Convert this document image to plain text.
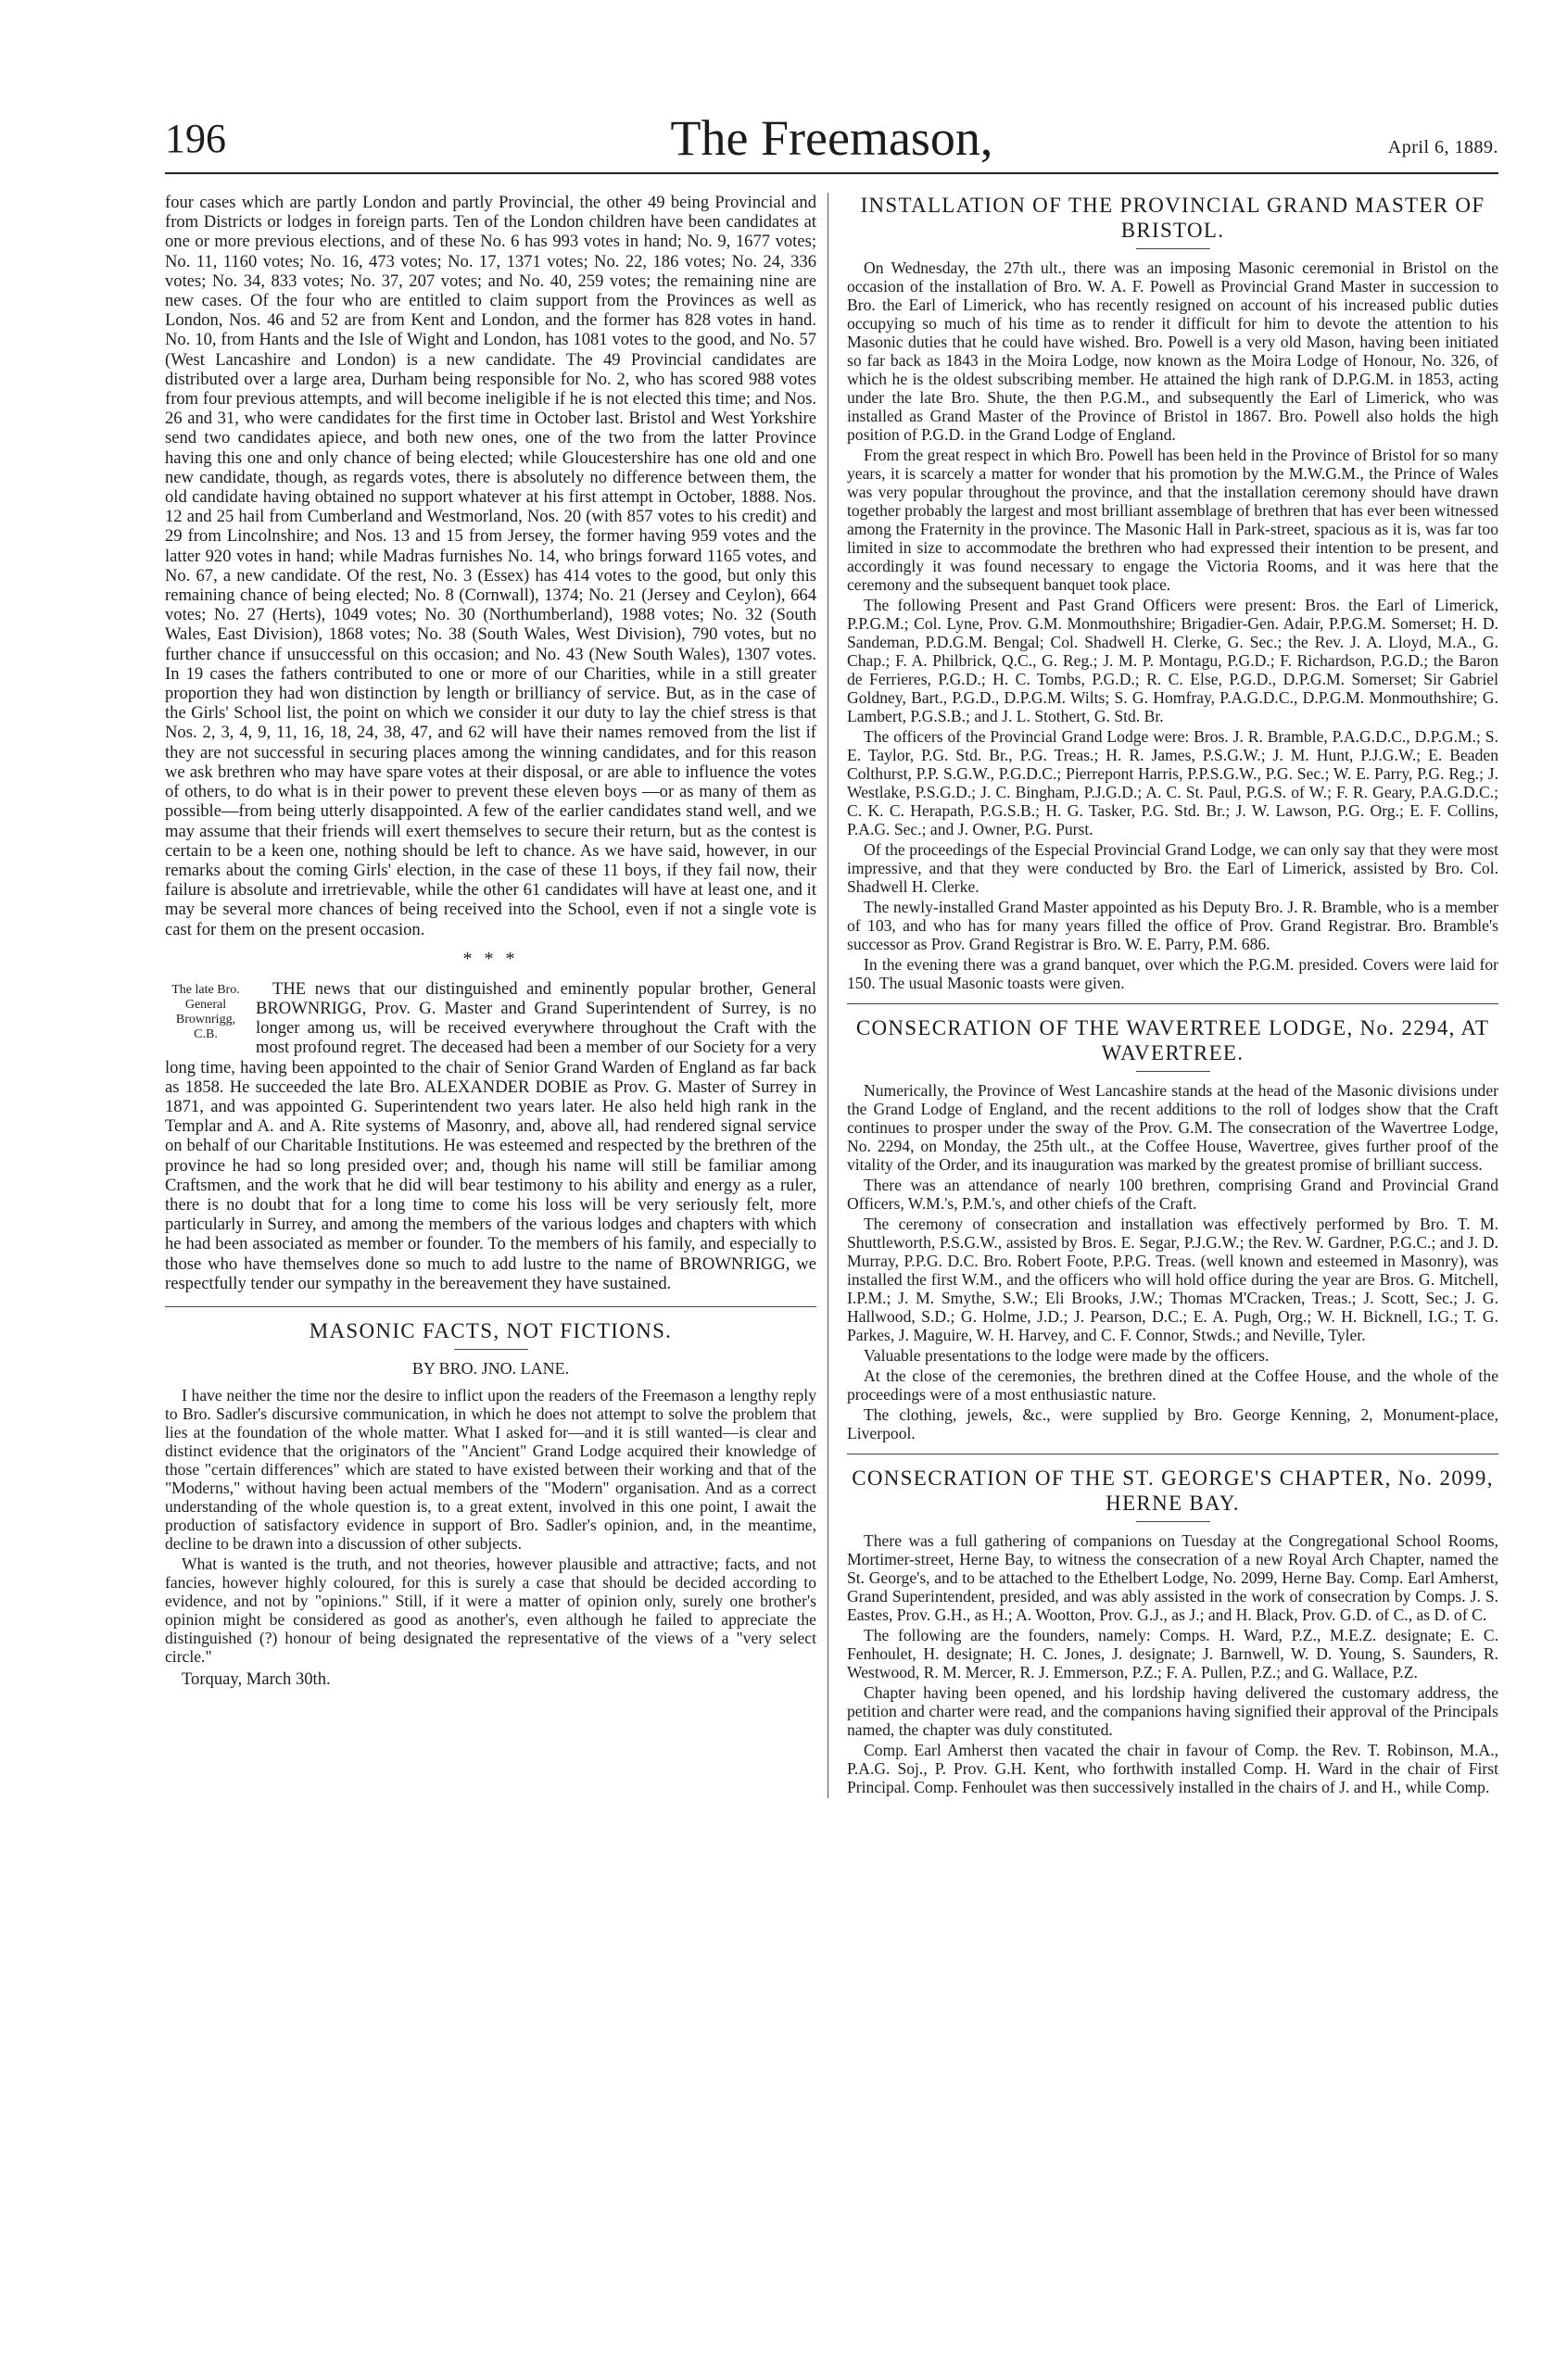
196	The Freemason,	April 6, 1889.

four cases which are partly London and partly Provincial, the other 49 being Provincial and from Districts or lodges in foreign parts. Ten of the London children have been candidates at one or more previous elections, and of these No. 6 has 993 votes in hand; No. 9, 1677 votes; No. 11, 1160 votes; No. 16, 473 votes; No. 17, 1371 votes; No. 22, 186 votes; No. 24, 336 votes; No. 34, 833 votes; No. 37, 207 votes; and No. 40, 259 votes; the remaining nine are new cases. Of the four who are entitled to claim support from the Provinces as well as London, Nos. 46 and 52 are from Kent and London, and the former has 828 votes in hand. No. 10, from Hants and the Isle of Wight and London, has 1081 votes to the good, and No. 57 (West Lancashire and London) is a new candidate. The 49 Provincial candidates are distributed over a large area, Durham being responsible for No. 2, who has scored 988 votes from four previous attempts, and will become ineligible if he is not elected this time; and Nos. 26 and 31, who were candidates for the first time in October last. Bristol and West Yorkshire send two candidates apiece, and both new ones, one of the two from the latter Province having this one and only chance of being elected; while Gloucestershire has one old and one new candidate, though, as regards votes, there is absolutely no difference between them, the old candidate having obtained no support whatever at his first attempt in October, 1888. Nos. 12 and 25 hail from Cumberland and Westmorland, Nos. 20 (with 857 votes to his credit) and 29 from Lincolnshire; and Nos. 13 and 15 from Jersey, the former having 959 votes and the latter 920 votes in hand; while Madras furnishes No. 14, who brings forward 1165 votes, and No. 67, a new candidate. Of the rest, No. 3 (Essex) has 414 votes to the good, but only this remaining chance of being elected; No. 8 (Cornwall), 1374; No. 21 (Jersey and Ceylon), 664 votes; No. 27 (Herts), 1049 votes; No. 30 (Northumberland), 1988 votes; No. 32 (South Wales, East Division), 1868 votes; No. 38 (South Wales, West Division), 790 votes, but no further chance if unsuccessful on this occasion; and No. 43 (New South Wales), 1307 votes. In 19 cases the fathers contributed to one or more of our Charities, while in a still greater proportion they had won distinction by length or brilliancy of service. But, as in the case of the Girls' School list, the point on which we consider it our duty to lay the chief stress is that Nos. 2, 3, 4, 9, 11, 16, 18, 24, 38, 47, and 62 will have their names removed from the list if they are not successful in securing places among the winning candidates, and for this reason we ask brethren who may have spare votes at their disposal, or are able to influence the votes of others, to do what is in their power to prevent these eleven boys —or as many of them as possible—from being utterly disappointed. A few of the earlier candidates stand well, and we may assume that their friends will exert themselves to secure their return, but as the contest is certain to be a keen one, nothing should be left to chance. As we have said, however, in our remarks about the coming Girls' election, in the case of these 11 boys, if they fail now, their failure is absolute and irretrievable, while the other 61 candidates will have at least one, and it may be several more chances of being received into the School, even if not a single vote is cast for them on the present occasion.

* * *
The late Bro. General Brownrigg, C.B.

THE news that our distinguished and eminently popular brother, General BROWNRIGG, Prov. G. Master and Grand Superintendent of Surrey, is no longer among us, will be received everywhere throughout the Craft with the most profound regret. The deceased had been a member of our Society for a very long time, having been appointed to the chair of Senior Grand Warden of England as far back as 1858. He succeeded the late Bro. ALEXANDER DOBIE as Prov. G. Master of Surrey in 1871, and was appointed G. Superintendent two years later. He also held high rank in the Templar and A. and A. Rite systems of Masonry, and, above all, had rendered signal service on behalf of our Charitable Institutions. He was esteemed and respected by the brethren of the province he had so long presided over; and, though his name will still be familiar among Craftsmen, and the work that he did will bear testimony to his ability and energy as a ruler, there is no doubt that for a long time to come his loss will be very seriously felt, more particularly in Surrey, and among the members of the various lodges and chapters with which he had been associated as member or founder. To the members of his family, and especially to those who have themselves done so much to add lustre to the name of BROWNRIGG, we respectfully tender our sympathy in the bereavement they have sustained.

MASONIC FACTS, NOT FICTIONS.
BY BRO. JNO. LANE.

I have neither the time nor the desire to inflict upon the readers of the Freemason a lengthy reply to Bro. Sadler's discursive communication, in which he does not attempt to solve the problem that lies at the foundation of the whole matter. What I asked for—and it is still wanted—is clear and distinct evidence that the originators of the "Ancient" Grand Lodge acquired their knowledge of those "certain differences" which are stated to have existed between their working and that of the "Moderns," without having been actual members of the "Modern" organisation. And as a correct understanding of the whole question is, to a great extent, involved in this one point, I await the production of satisfactory evidence in support of Bro. Sadler's opinion, and, in the meantime, decline to be drawn into a discussion of other subjects.

What is wanted is the truth, and not theories, however plausible and attractive; facts, and not fancies, however highly coloured, for this is surely a case that should be decided according to evidence, and not by "opinions." Still, if it were a matter of opinion only, surely one brother's opinion might be considered as good as another's, even although he failed to appreciate the distinguished (?) honour of being designated the representative of the views of a "very select circle."

Torquay, March 30th.
INSTALLATION OF THE PROVINCIAL GRAND MASTER OF BRISTOL.

On Wednesday, the 27th ult., there was an imposing Masonic ceremonial in Bristol on the occasion of the installation of Bro. W. A. F. Powell as Provincial Grand Master in succession to Bro. the Earl of Limerick, who has recently resigned on account of his increased public duties occupying so much of his time as to render it difficult for him to devote the attention to his Masonic duties that he could have wished. Bro. Powell is a very old Mason, having been initiated so far back as 1843 in the Moira Lodge, now known as the Moira Lodge of Honour, No. 326, of which he is the oldest subscribing member. He attained the high rank of D.P.G.M. in 1853, acting under the late Bro. Shute, the then P.G.M., and subsequently the Earl of Limerick, who was installed as Grand Master of the Province of Bristol in 1867. Bro. Powell also holds the high position of P.G.D. in the Grand Lodge of England.

From the great respect in which Bro. Powell has been held in the Province of Bristol for so many years, it is scarcely a matter for wonder that his promotion by the M.W.G.M., the Prince of Wales was very popular throughout the province, and that the installation ceremony should have drawn together probably the largest and most brilliant assemblage of brethren that has ever been witnessed among the Fraternity in the province. The Masonic Hall in Park-street, spacious as it is, was far too limited in size to accommodate the brethren who had expressed their intention to be present, and accordingly it was found necessary to engage the Victoria Rooms, and it was here that the ceremony and the subsequent banquet took place.

The following Present and Past Grand Officers were present: Bros. the Earl of Limerick, P.P.G.M.; Col. Lyne, Prov. G.M. Monmouthshire; Brigadier-Gen. Adair, P.P.G.M. Somerset; H. D. Sandeman, P.D.G.M. Bengal; Col. Shadwell H. Clerke, G. Sec.; the Rev. J. A. Lloyd, M.A., G. Chap.; F. A. Philbrick, Q.C., G. Reg.; J. M. P. Montagu, P.G.D.; F. Richardson, P.G.D.; the Baron de Ferrieres, P.G.D.; H. C. Tombs, P.G.D.; R. C. Else, P.G.D., D.P.G.M. Somerset; Sir Gabriel Goldney, Bart., P.G.D., D.P.G.M. Wilts; S. G. Homfray, P.A.G.D.C., D.P.G.M. Monmouthshire; G. Lambert, P.G.S.B.; and J. L. Stothert, G. Std. Br.

The officers of the Provincial Grand Lodge were: Bros. J. R. Bramble, P.A.G.D.C., D.P.G.M.; S. E. Taylor, P.G. Std. Br., P.G. Treas.; H. R. James, P.S.G.W.; J. M. Hunt, P.J.G.W.; E. Beaden Colthurst, P.P. S.G.W., P.G.D.C.; Pierrepont Harris, P.P.S.G.W., P.G. Sec.; W. E. Parry, P.G. Reg.; J. Westlake, P.S.G.D.; J. C. Bingham, P.J.G.D.; A. C. St. Paul, P.G.S. of W.; F. R. Geary, P.A.G.D.C.; C. K. C. Herapath, P.G.S.B.; H. G. Tasker, P.G. Std. Br.; J. W. Lawson, P.G. Org.; E. F. Collins, P.A.G. Sec.; and J. Owner, P.G. Purst.

Of the proceedings of the Especial Provincial Grand Lodge, we can only say that they were most impressive, and that they were conducted by Bro. the Earl of Limerick, assisted by Bro. Col. Shadwell H. Clerke.

The newly-installed Grand Master appointed as his Deputy Bro. J. R. Bramble, who is a member of 103, and who has for many years filled the office of Prov. Grand Registrar. Bro. Bramble's successor as Prov. Grand Registrar is Bro. W. E. Parry, P.M. 686.

In the evening there was a grand banquet, over which the P.G.M. presided. Covers were laid for 150. The usual Masonic toasts were given.

CONSECRATION OF THE WAVERTREE LODGE, No. 2294, AT WAVERTREE.

Numerically, the Province of West Lancashire stands at the head of the Masonic divisions under the Grand Lodge of England, and the recent additions to the roll of lodges show that the Craft continues to prosper under the sway of the Prov. G.M. The consecration of the Wavertree Lodge, No. 2294, on Monday, the 25th ult., at the Coffee House, Wavertree, gives further proof of the vitality of the Order, and its inauguration was marked by the greatest promise of brilliant success.

There was an attendance of nearly 100 brethren, comprising Grand and Provincial Grand Officers, W.M.'s, P.M.'s, and other chiefs of the Craft.

The ceremony of consecration and installation was effectively performed by Bro. T. M. Shuttleworth, P.S.G.W., assisted by Bros. E. Segar, P.J.G.W.; the Rev. W. Gardner, P.G.C.; and J. D. Murray, P.P.G. D.C. Bro. Robert Foote, P.P.G. Treas. (well known and esteemed in Masonry), was installed the first W.M., and the officers who will hold office during the year are Bros. G. Mitchell, I.P.M.; J. M. Smythe, S.W.; Eli Brooks, J.W.; Thomas M'Cracken, Treas.; J. Scott, Sec.; J. G. Hallwood, S.D.; G. Holme, J.D.; J. Pearson, D.C.; E. A. Pugh, Org.; W. H. Bicknell, I.G.; T. G. Parkes, J. Maguire, W. H. Harvey, and C. F. Connor, Stwds.; and Neville, Tyler.

Valuable presentations to the lodge were made by the officers.

At the close of the ceremonies, the brethren dined at the Coffee House, and the whole of the proceedings were of a most enthusiastic nature.

The clothing, jewels, &c., were supplied by Bro. George Kenning, 2, Monument-place, Liverpool.

CONSECRATION OF THE ST. GEORGE'S CHAPTER, No. 2099, HERNE BAY.

There was a full gathering of companions on Tuesday at the Congregational School Rooms, Mortimer-street, Herne Bay, to witness the consecration of a new Royal Arch Chapter, named the St. George's, and to be attached to the Ethelbert Lodge, No. 2099, Herne Bay. Comp. Earl Amherst, Grand Superintendent, presided, and was ably assisted in the work of consecration by Comps. J. S. Eastes, Prov. G.H., as H.; A. Wootton, Prov. G.J., as J.; and H. Black, Prov. G.D. of C., as D. of C.

The following are the founders, namely: Comps. H. Ward, P.Z., M.E.Z. designate; E. C. Fenhoulet, H. designate; H. C. Jones, J. designate; J. Barnwell, W. D. Young, S. Saunders, R. Westwood, R. M. Mercer, R. J. Emmerson, P.Z.; F. A. Pullen, P.Z.; and G. Wallace, P.Z.

Chapter having been opened, and his lordship having delivered the customary address, the petition and charter were read, and the companions having signified their approval of the Principals named, the chapter was duly constituted.

Comp. Earl Amherst then vacated the chair in favour of Comp. the Rev. T. Robinson, M.A., P.A.G. Soj., P. Prov. G.H. Kent, who forthwith installed Comp. H. Ward in the chair of First Principal. Comp. Fenhoulet was then successively installed in the chairs of J. and H., while Comp.
